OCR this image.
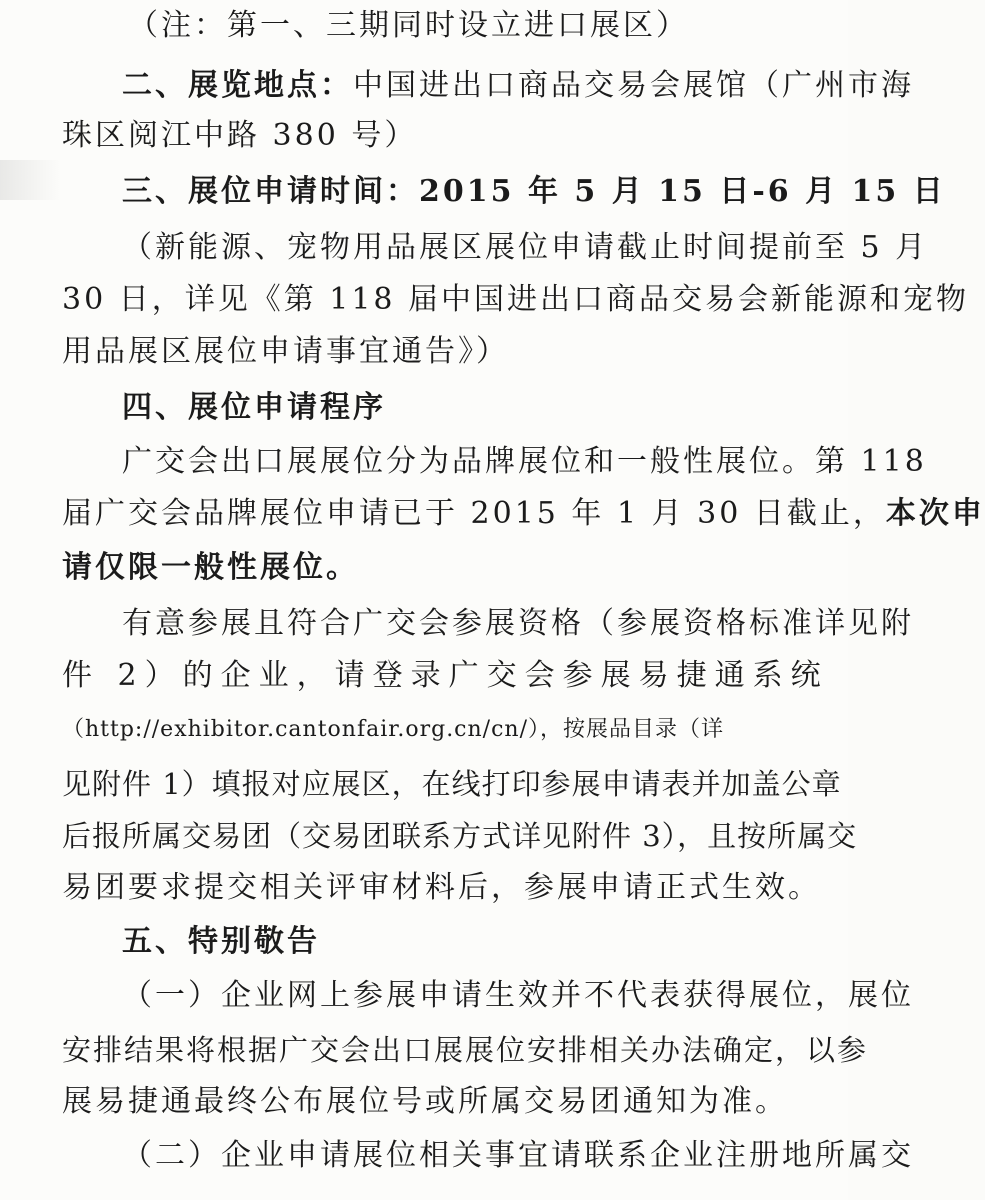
（注：第一、三期同时设立进口展区）
二、展览地点：中国进出口商品交易会展馆（广州市海
珠区阅江中路 380 号）
三、展位申请时间：2015 年 5 月 15 日-6 月 15 日
（新能源、宠物用品展区展位申请截止时间提前至 5 月
30 日，详见《第 118 届中国进出口商品交易会新能源和宠物
用品展区展位申请事宜通告》）
四、展位申请程序
广交会出口展展位分为品牌展位和一般性展位。第 118
届广交会品牌展位申请已于 2015 年 1 月 30 日截止，本次申
请仅限一般性展位。
有意参展且符合广交会参展资格（参展资格标准详见附
件 2）的企业，请登录广交会参展易捷通系统
（http://exhibitor.cantonfair.org.cn/cn/），按展品目录（详
见附件 1）填报对应展区，在线打印参展申请表并加盖公章
后报所属交易团（交易团联系方式详见附件 3），且按所属交
易团要求提交相关评审材料后，参展申请正式生效。
五、特别敬告
（一）企业网上参展申请生效并不代表获得展位，展位
安排结果将根据广交会出口展展位安排相关办法确定，以参
展易捷通最终公布展位号或所属交易团通知为准。
（二）企业申请展位相关事宜请联系企业注册地所属交
